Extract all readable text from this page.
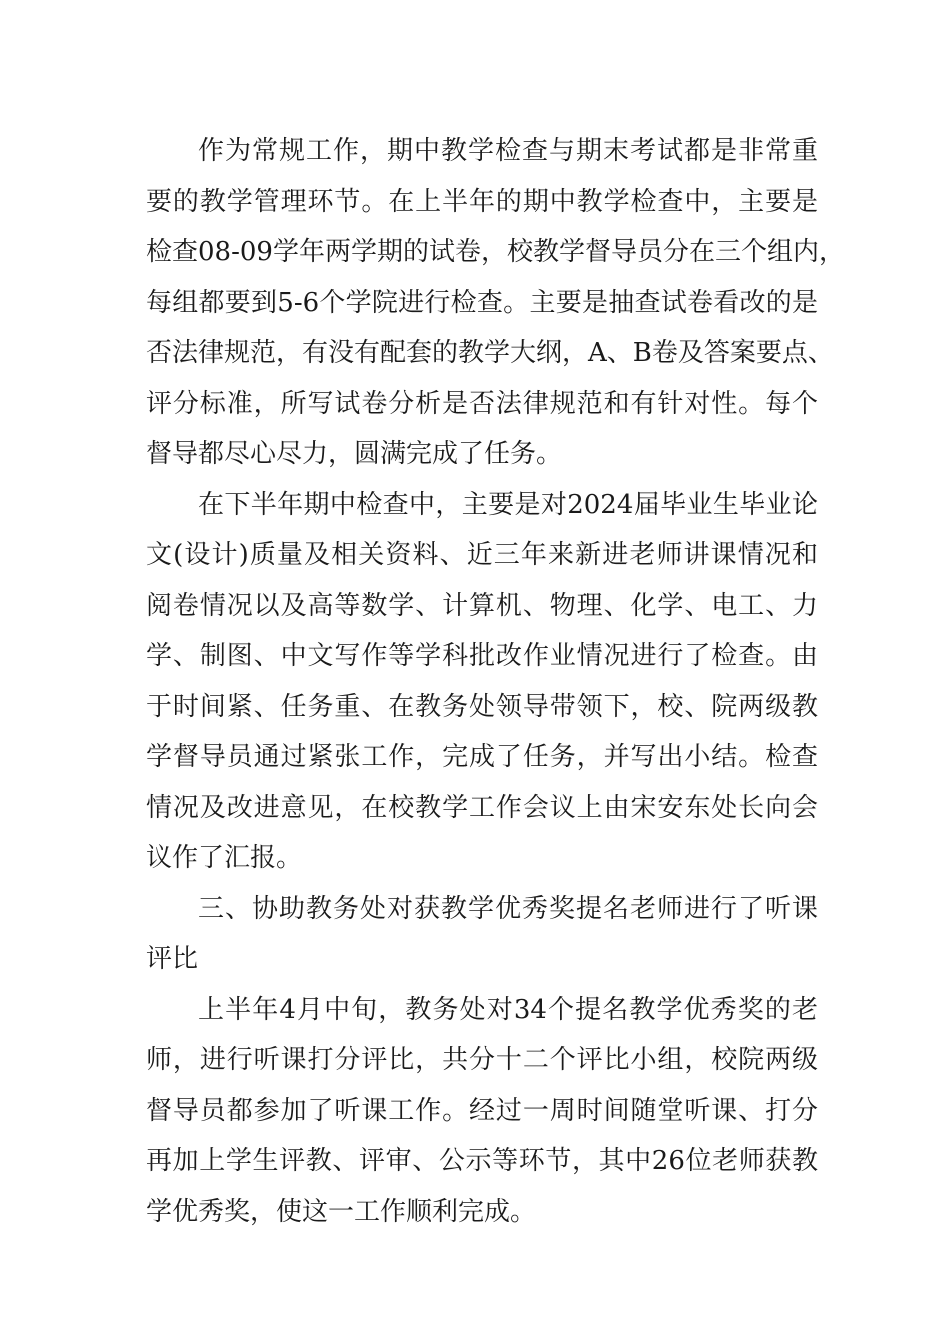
作为常规工作，期中教学检查与期末考试都是非常重
要的教学管理环节。在上半年的期中教学检查中，主要是
检查08-09学年两学期的试卷，校教学督导员分在三个组内，
每组都要到5-6个学院进行检查。主要是抽查试卷看改的是
否法律规范，有没有配套的教学大纲，A、B卷及答案要点、
评分标准，所写试卷分析是否法律规范和有针对性。每个
督导都尽心尽力，圆满完成了任务。
在下半年期中检查中，主要是对2024届毕业生毕业论
文(设计)质量及相关资料、近三年来新进老师讲课情况和
阅卷情况以及高等数学、计算机、物理、化学、电工、力
学、制图、中文写作等学科批改作业情况进行了检查。由
于时间紧、任务重、在教务处领导带领下，校、院两级教
学督导员通过紧张工作，完成了任务，并写出小结。检查
情况及改进意见，在校教学工作会议上由宋安东处长向会
议作了汇报。
三、协助教务处对获教学优秀奖提名老师进行了听课
评比
上半年4月中旬，教务处对34个提名教学优秀奖的老
师，进行听课打分评比，共分十二个评比小组，校院两级
督导员都参加了听课工作。经过一周时间随堂听课、打分
再加上学生评教、评审、公示等环节，其中26位老师获教
学优秀奖，使这一工作顺利完成。
